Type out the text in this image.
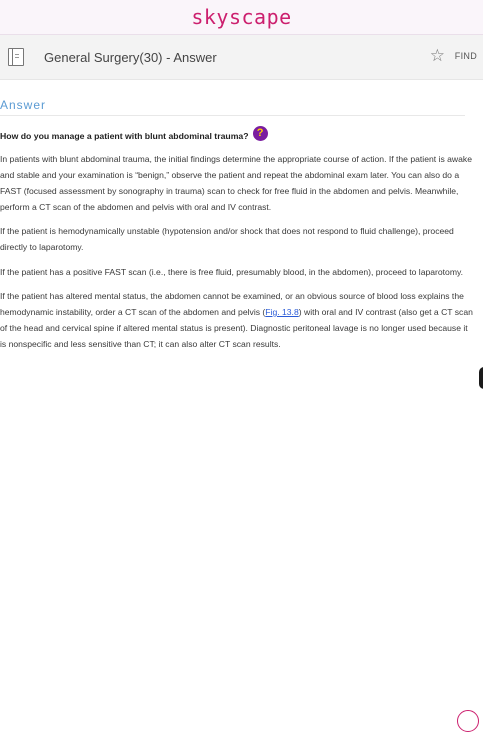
skyscape
General Surgery(30) - Answer	☆ FIND
Answer
How do you manage a patient with blunt abdominal trauma? ?

In patients with blunt abdominal trauma, the initial findings determine the appropriate course of action. If the patient is awake and stable and your examination is “benign,” observe the patient and repeat the abdominal exam later. You can also do a FAST (focused assessment by sonography in trauma) scan to check for free fluid in the abdomen and pelvis. Meanwhile, perform a CT scan of the abdomen and pelvis with oral and IV contrast.

If the patient is hemodynamically unstable (hypotension and/or shock that does not respond to fluid challenge), proceed directly to laparotomy.

If the patient has a positive FAST scan (i.e., there is free fluid, presumably blood, in the abdomen), proceed to laparotomy.

If the patient has altered mental status, the abdomen cannot be examined, or an obvious source of blood loss explains the hemodynamic instability, order a CT scan of the abdomen and pelvis (Fig. 13.8) with oral and IV contrast (also get a CT scan of the head and cervical spine if altered mental status is present). Diagnostic peritoneal lavage is no longer used because it is nonspecific and less sensitive than CT; it can also alter CT scan results.
